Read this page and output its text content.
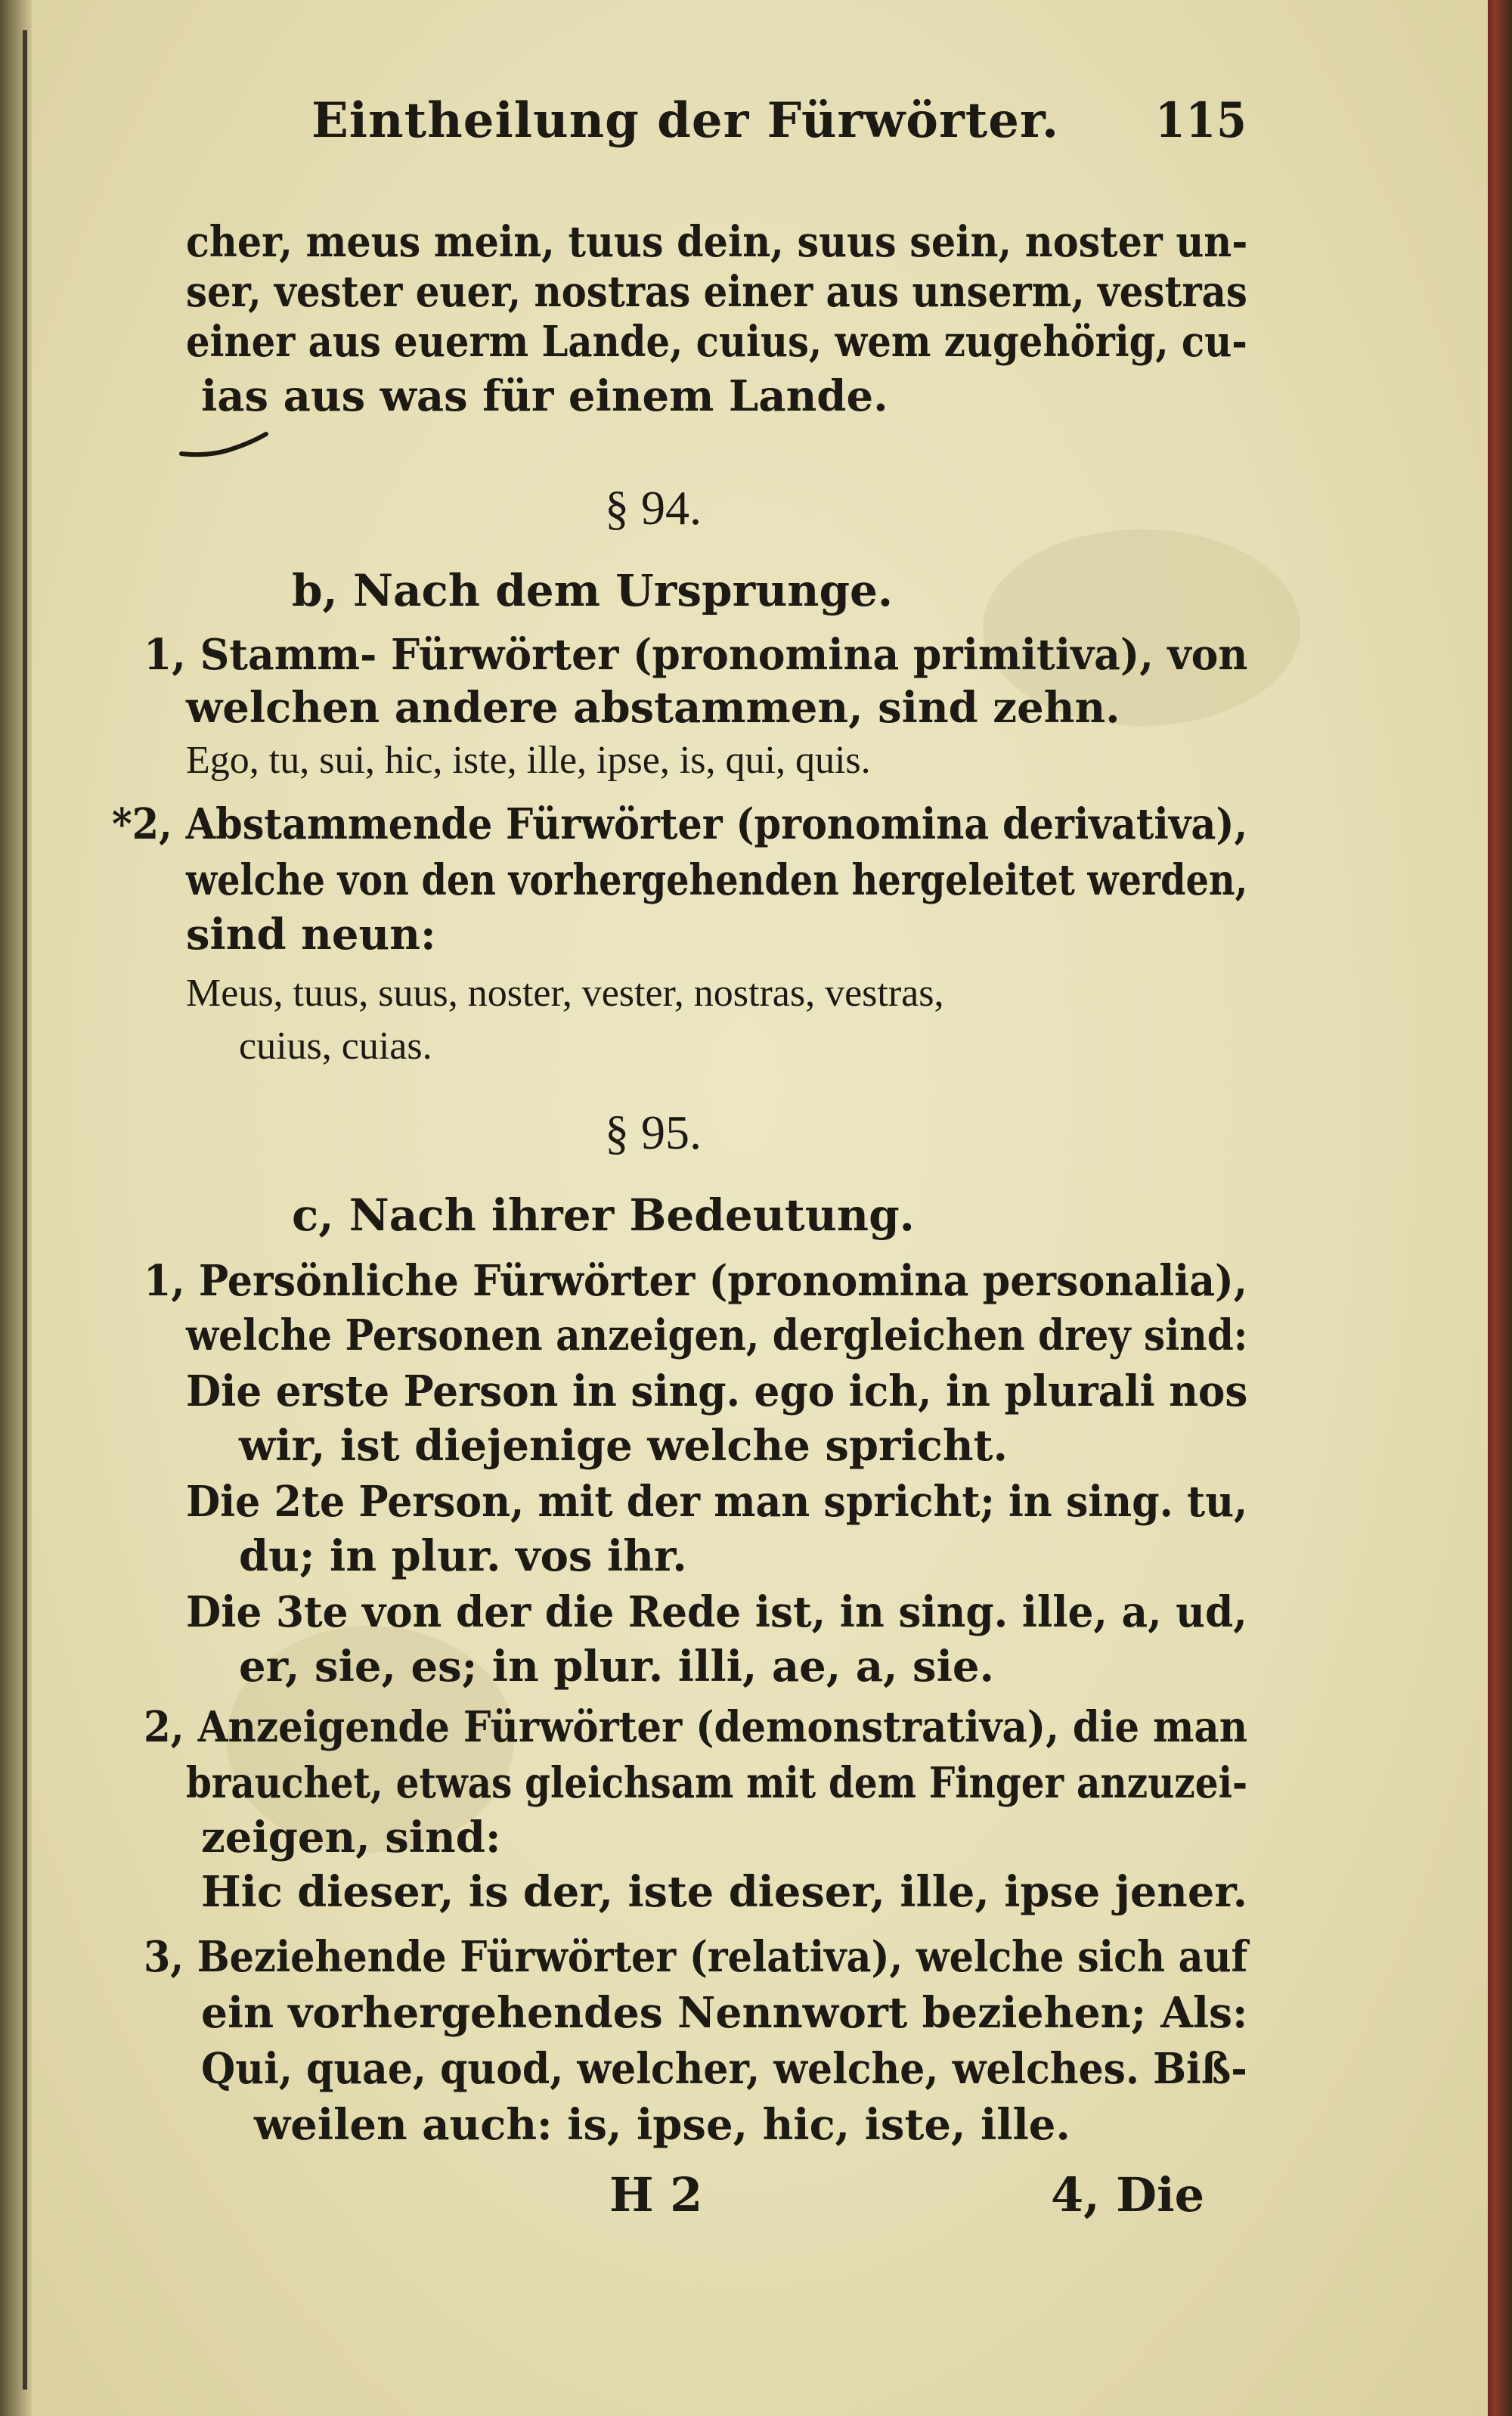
Eintheilung der Fürwörter. 115
cher, meus mein, tuus dein, suus sein, noster un-
ser, vester euer, nostras einer aus unserm, vestras
einer aus euerm Lande, cuius, wem zugehörig, cu-
ias aus was für einem Lande.
§ 94.
b, Nach dem Ursprunge.
1, Stamm- Fürwörter (pronomina primitiva), von
welchen andere abstammen, sind zehn.
Ego, tu, sui, hic, iste, ille, ipse, is, qui, quis.
*2, Abstammende Fürwörter (pronomina derivativa),
welche von den vorhergehenden hergeleitet werden,
sind neun:
Meus, tuus, suus, noster, vester, nostras, vestras,
cuius, cuias.
§ 95.
c, Nach ihrer Bedeutung.
1, Persönliche Fürwörter (pronomina personalia),
welche Personen anzeigen, dergleichen drey sind:
Die erste Person in sing. ego ich, in plurali nos
wir, ist diejenige welche spricht.
Die 2te Person, mit der man spricht; in sing. tu,
du; in plur. vos ihr.
Die 3te von der die Rede ist, in sing. ille, a, ud,
er, sie, es; in plur. illi, ae, a, sie.
2, Anzeigende Fürwörter (demonstrativa), die man
brauchet, etwas gleichsam mit dem Finger anzuzei-
zeigen, sind:
Hic dieser, is der, iste dieser, ille, ipse jener.
3, Beziehende Fürwörter (relativa), welche sich auf
ein vorhergehendes Nennwort beziehen; Als:
Qui, quae, quod, welcher, welche, welches. Biß-
weilen auch: is, ipse, hic, iste, ille.
H 2	4, Die
